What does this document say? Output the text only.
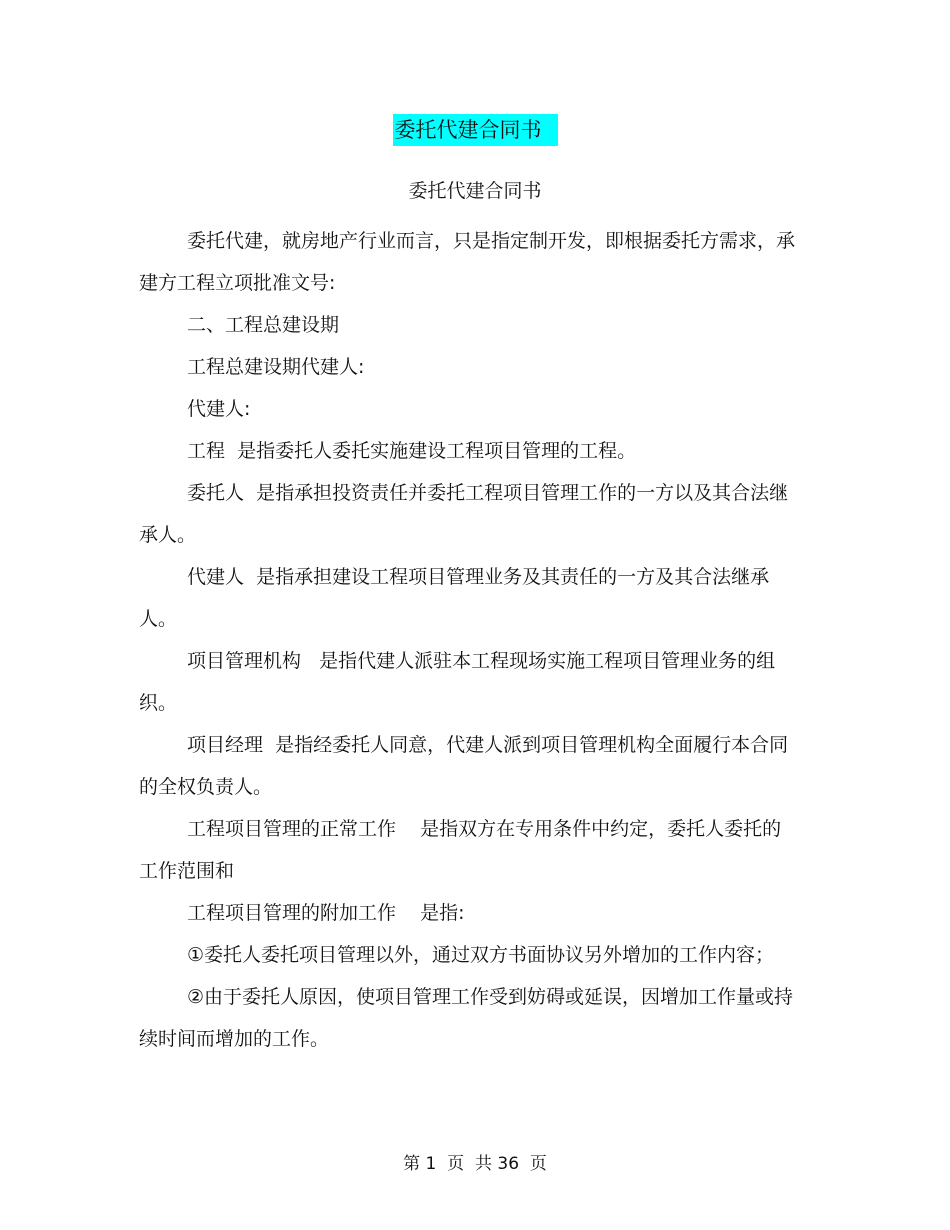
委托代建合同书
委托代建合同书

委托代建，就房地产行业而言，只是指定制开发，即根据委托方需求，承建方工程立项批准文号:

二、工程总建设期

工程总建设期代建人:

代建人:

工程  是指委托人委托实施建设工程项目管理的工程。

委托人  是指承担投资责任并委托工程项目管理工作的一方以及其合法继承人。

代建人  是指承担建设工程项目管理业务及其责任的一方及其合法继承人。

项目管理机构   是指代建人派驻本工程现场实施工程项目管理业务的组织。

项目经理  是指经委托人同意，代建人派到项目管理机构全面履行本合同的全权负责人。

工程项目管理的正常工作    是指双方在专用条件中约定，委托人委托的工作范围和

工程项目管理的附加工作    是指:

①委托人委托项目管理以外，通过双方书面协议另外增加的工作内容；

②由于委托人原因，使项目管理工作受到妨碍或延误，因增加工作量或持续时间而增加的工作。

第 1  页  共 36  页
